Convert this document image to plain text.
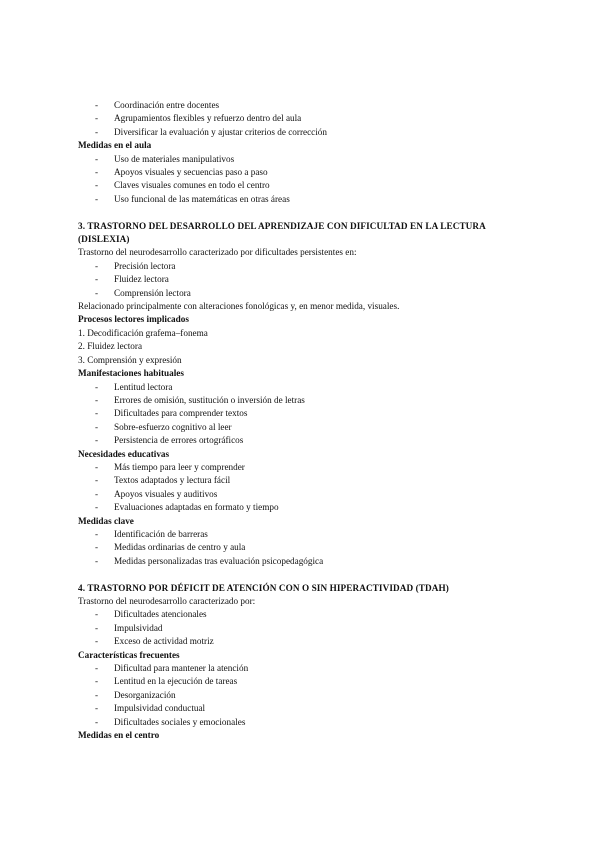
- Coordinación entre docentes
- Agrupamientos flexibles y refuerzo dentro del aula
- Diversificar la evaluación y ajustar criterios de corrección
Medidas en el aula
- Uso de materiales manipulativos
- Apoyos visuales y secuencias paso a paso
- Claves visuales comunes en todo el centro
- Uso funcional de las matemáticas en otras áreas
3. TRASTORNO DEL DESARROLLO DEL APRENDIZAJE CON DIFICULTAD EN LA LECTURA (DISLEXIA)
Trastorno del neurodesarrollo caracterizado por dificultades persistentes en:
- Precisión lectora
- Fluidez lectora
- Comprensión lectora
Relacionado principalmente con alteraciones fonológicas y, en menor medida, visuales.
Procesos lectores implicados
1. Decodificación grafema–fonema
2. Fluidez lectora
3. Comprensión y expresión
Manifestaciones habituales
- Lentitud lectora
- Errores de omisión, sustitución o inversión de letras
- Dificultades para comprender textos
- Sobre-esfuerzo cognitivo al leer
- Persistencia de errores ortográficos
Necesidades educativas
- Más tiempo para leer y comprender
- Textos adaptados y lectura fácil
- Apoyos visuales y auditivos
- Evaluaciones adaptadas en formato y tiempo
Medidas clave
- Identificación de barreras
- Medidas ordinarias de centro y aula
- Medidas personalizadas tras evaluación psicopedagógica
4. TRASTORNO POR DÉFICIT DE ATENCIÓN CON O SIN HIPERACTIVIDAD (TDAH)
Trastorno del neurodesarrollo caracterizado por:
- Dificultades atencionales
- Impulsividad
- Exceso de actividad motriz
Características frecuentes
- Dificultad para mantener la atención
- Lentitud en la ejecución de tareas
- Desorganización
- Impulsividad conductual
- Dificultades sociales y emocionales
Medidas en el centro
